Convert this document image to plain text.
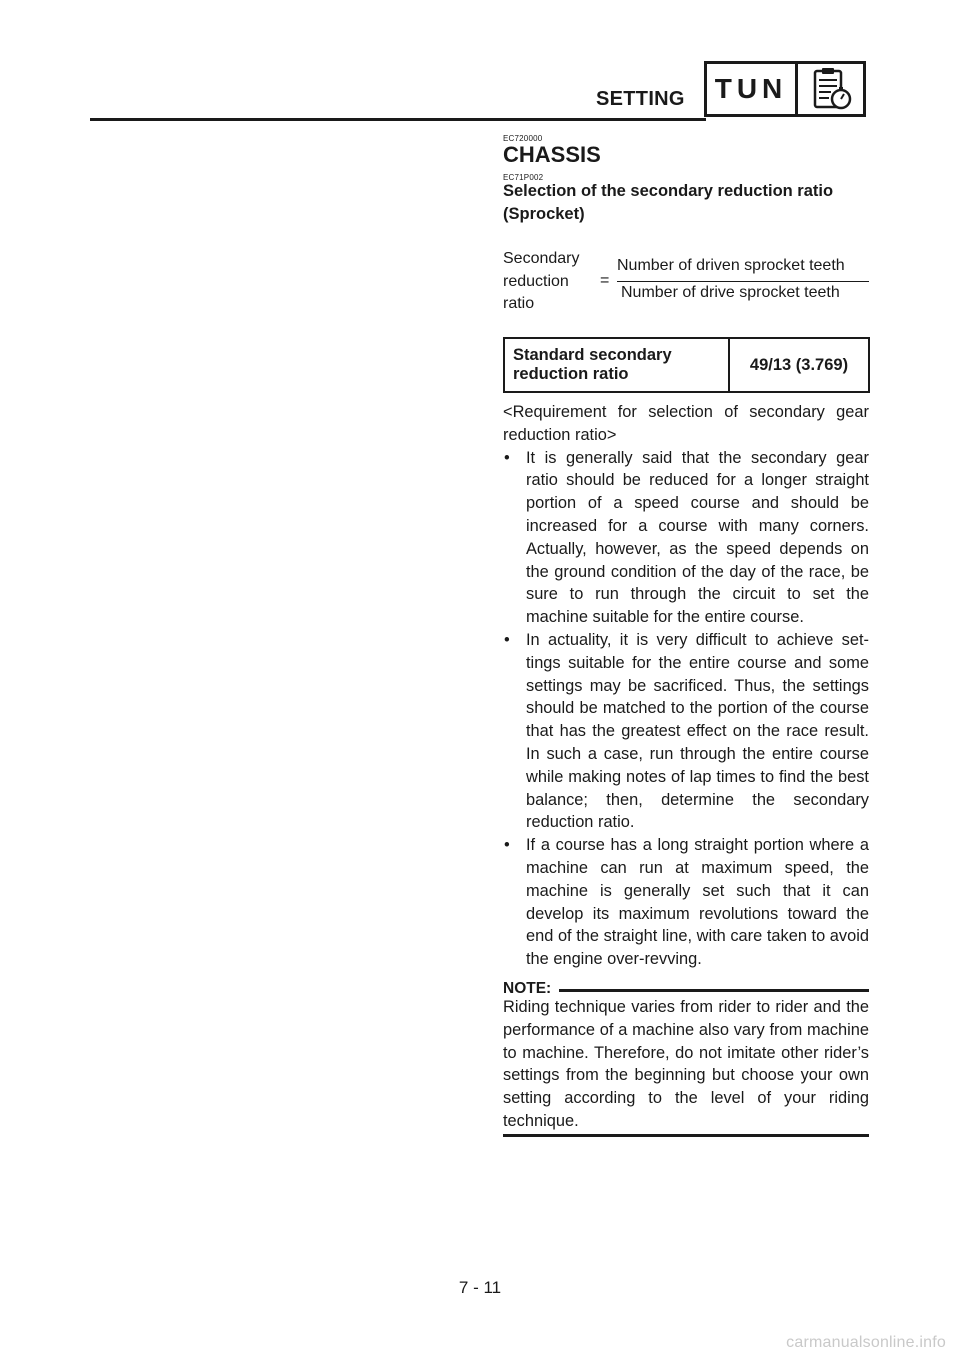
SETTING TUN
EC720000
CHASSIS
EC71P002
Selection of the secondary reduction ratio (Sprocket)
Secondary
reduction
ratio
=
Number of driven sprocket teeth
Number of drive sprocket teeth
Standard secondary
reduction ratio
49/13 (3.769)

<Requirement for selection of secondary gear reduction ratio>

• It is generally said that the secondary gear ratio should be reduced for a longer straight portion of a speed course and should be increased for a course with many corners. Actually, however, as the speed depends on the ground condition of the day of the race, be sure to run through the circuit to set the machine suitable for the entire course.
• In actuality, it is very difficult to achieve set-tings suitable for the entire course and some settings may be sacrificed. Thus, the settings should be matched to the portion of the course that has the greatest effect on the race result. In such a case, run through the entire course while making notes of lap times to find the best balance; then, determine the secondary reduction ratio.
• If a course has a long straight portion where a machine can run at maximum speed, the machine is generally set such that it can develop its maximum revolutions toward the end of the straight line, with care taken to avoid the engine over-revving.
NOTE:
Riding technique varies from rider to rider and the performance of a machine also vary from machine to machine. Therefore, do not imitate other rider’s settings from the beginning but choose your own setting according to the level of your riding technique.
7 - 11
carmanualsonline.info
